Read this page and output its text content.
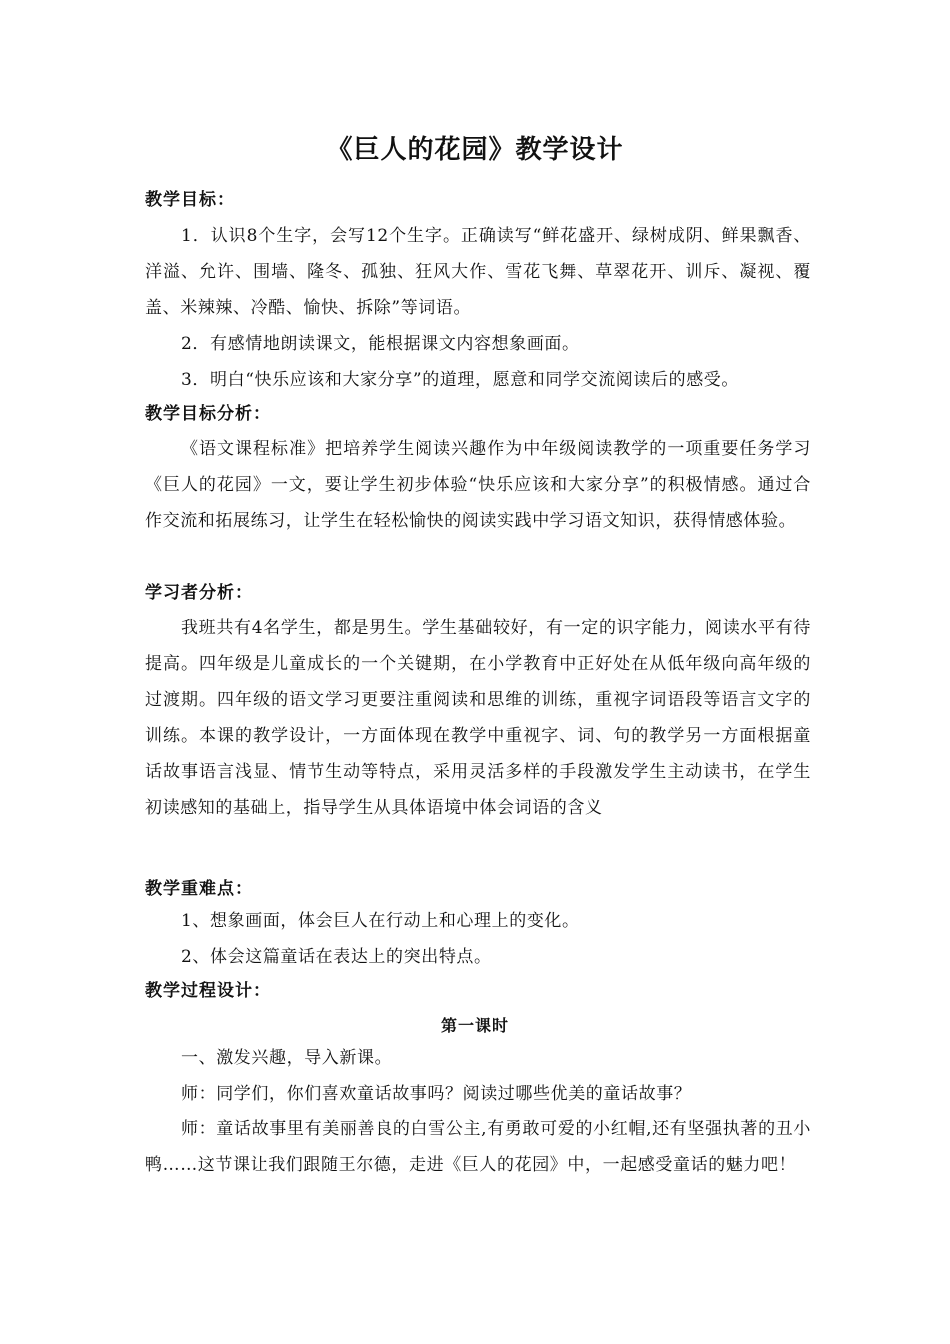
《巨人的花园》教学设计
教学目标：
1．认识8个生字，会写12个生字。正确读写“鲜花盛开、绿树成阴、鲜果飘香、洋溢、允许、围墙、隆冬、孤独、狂风大作、雪花飞舞、草翠花开、训斥、凝视、覆盖、米辣辣、冷酷、愉快、拆除”等词语。
2．有感情地朗读课文，能根据课文内容想象画面。
3．明白“快乐应该和大家分享”的道理，愿意和同学交流阅读后的感受。
教学目标分析：
《语文课程标准》把培养学生阅读兴趣作为中年级阅读教学的一项重要任务学习《巨人的花园》一文，要让学生初步体验“快乐应该和大家分享”的积极情感。通过合作交流和拓展练习，让学生在轻松愉快的阅读实践中学习语文知识，获得情感体验。
学习者分析：
我班共有4名学生，都是男生。学生基础较好，有一定的识字能力，阅读水平有待提高。四年级是儿童成长的一个关键期，在小学教育中正好处在从低年级向高年级的过渡期。四年级的语文学习更要注重阅读和思维的训练，重视字词语段等语言文字的训练。本课的教学设计，一方面体现在教学中重视字、词、句的教学另一方面根据童话故事语言浅显、情节生动等特点，采用灵活多样的手段激发学生主动读书，在学生初读感知的基础上，指导学生从具体语境中体会词语的含义
教学重难点：
1、想象画面，体会巨人在行动上和心理上的变化。
2、体会这篇童话在表达上的突出特点。
教学过程设计：
第一课时
一、激发兴趣，导入新课。
师：同学们，你们喜欢童话故事吗？阅读过哪些优美的童话故事？
师：童话故事里有美丽善良的白雪公主,有勇敢可爱的小红帽,还有坚强执著的丑小鸭……这节课让我们跟随王尔德，走进《巨人的花园》中，一起感受童话的魅力吧！
